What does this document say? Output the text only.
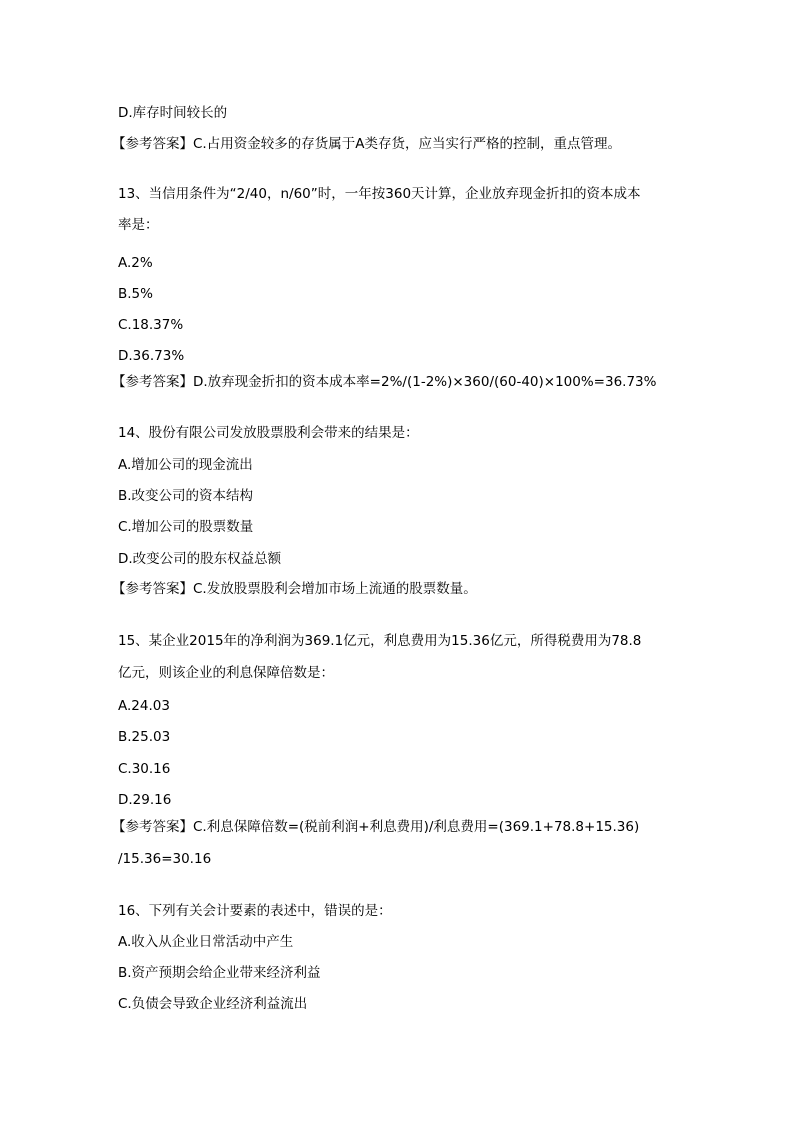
D.库存时间较长的
【参考答案】C.占用资金较多的存货属于A类存货，应当实行严格的控制，重点管理。
13、当信用条件为“2/40，n/60”时，一年按360天计算，企业放弃现金折扣的资本成本
率是：
A.2%
B.5%
C.18.37%
D.36.73%
【参考答案】D.放弃现金折扣的资本成本率=2%/(1-2%)×360/(60-40)×100%=36.73%
14、股份有限公司发放股票股利会带来的结果是：
A.增加公司的现金流出
B.改变公司的资本结构
C.增加公司的股票数量
D.改变公司的股东权益总额
【参考答案】C.发放股票股利会增加市场上流通的股票数量。
15、某企业2015年的净利润为369.1亿元，利息费用为15.36亿元，所得税费用为78.8
亿元，则该企业的利息保障倍数是：
A.24.03
B.25.03
C.30.16
D.29.16
【参考答案】C.利息保障倍数=(税前利润+利息费用)/利息费用=(369.1+78.8+15.36)
/15.36=30.16
16、下列有关会计要素的表述中，错误的是：
A.收入从企业日常活动中产生
B.资产预期会给企业带来经济利益
C.负债会导致企业经济利益流出
